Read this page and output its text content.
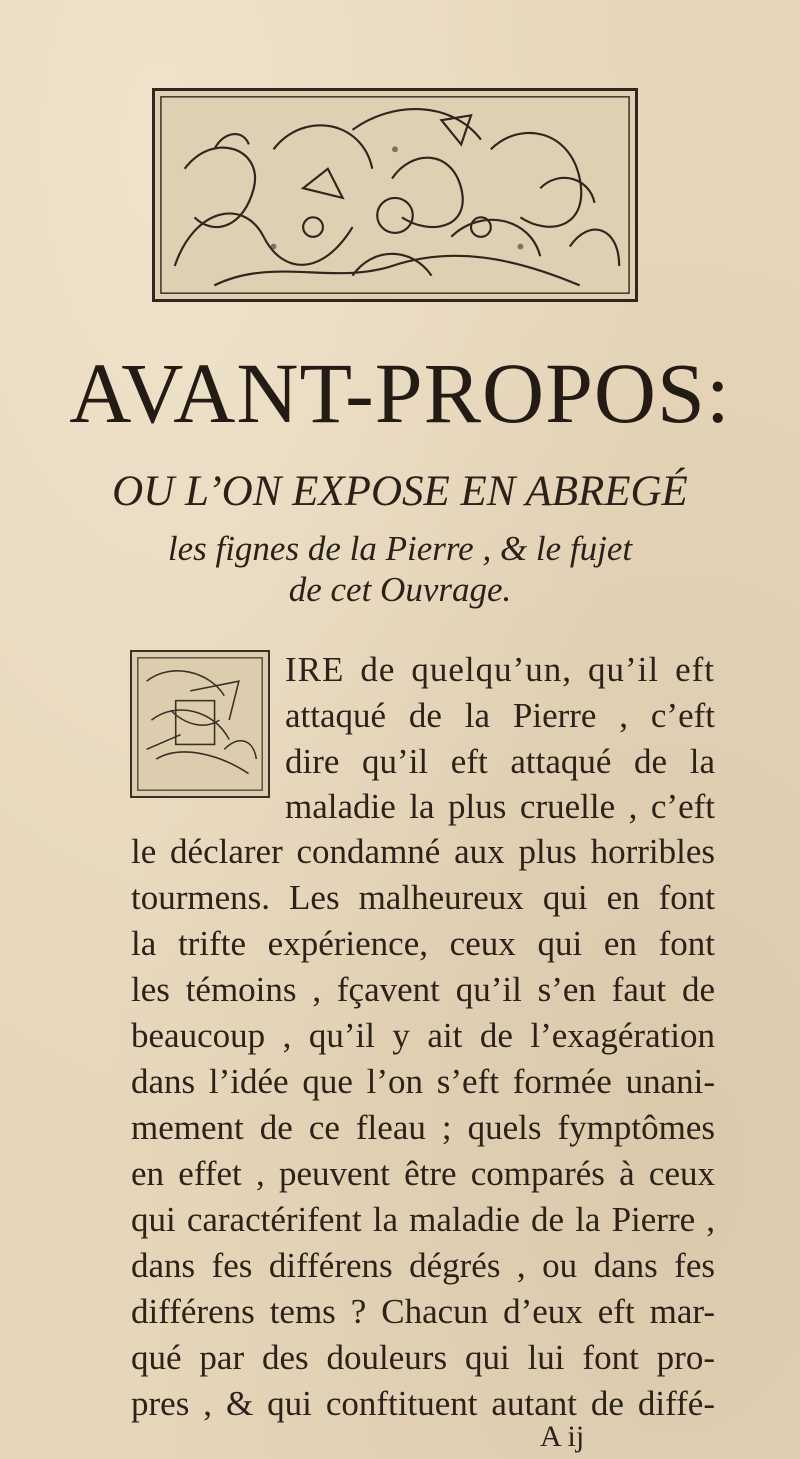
AVANT-PROPOS:
OU L’ON EXPOSE EN ABREGÉ
les fignes de la Pierre , & le fujet
de cet Ouvrage.
IRE de quelqu’un, qu’il eft
attaqué de la Pierre , c’eft
dire qu’il eft attaqué de la
maladie la plus cruelle , c’eft
le déclarer condamné aux plus horribles
tourmens. Les malheureux qui en font
la trifte expérience, ceux qui en font
les témoins , fçavent qu’il s’en faut de
beaucoup , qu’il y ait de l’exagération
dans l’idée que l’on s’eft formée unani-
mement de ce fleau ; quels fymptômes
en effet , peuvent être comparés à ceux
qui caractérifent la maladie de la Pierre ,
dans fes différens dégrés , ou dans fes
différens tems ? Chacun d’eux eft mar-
qué par des douleurs qui lui font pro-
pres , & qui conftituent autant de diffé-
A ij
